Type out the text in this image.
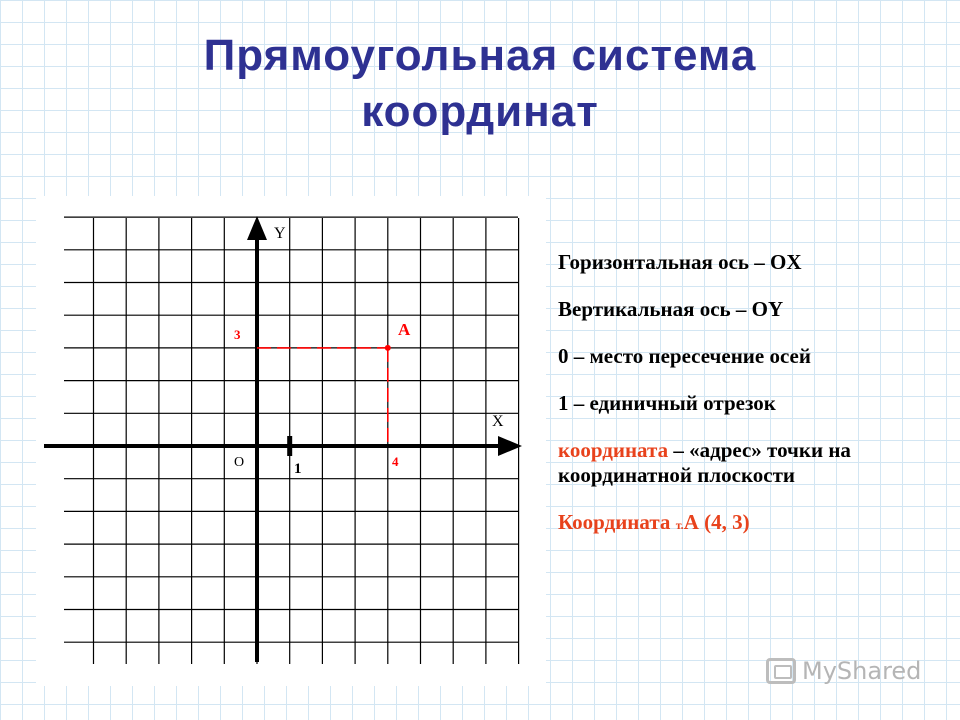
Прямоугольная система
координат
Y
X
O	1	4
3	A
Горизонтальная ось – OX
Вертикальная ось – OY
0 – место пересечение осей
1 – единичный отрезок
координата – «адрес» точки на координатной плоскости
Координата т.А (4, 3)
MyShared
